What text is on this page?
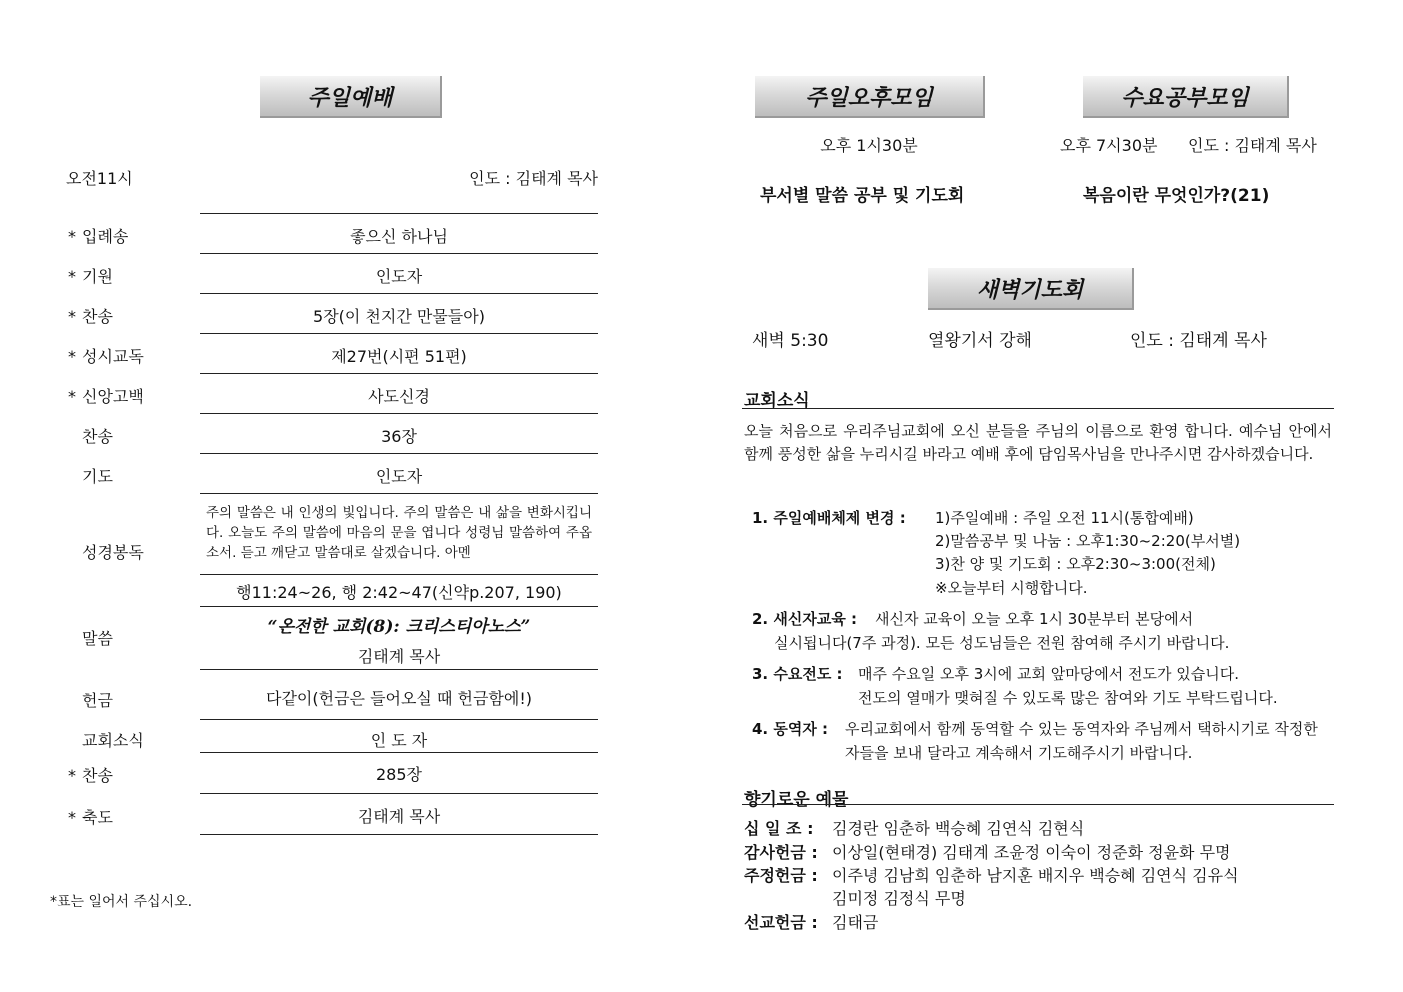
주일예배
오전11시	인도 : 김태계 목사
* 입례송	좋으신 하나님
* 기원	인도자
* 찬송	5장(이 천지간 만물들아)
* 성시교독	제27번(시편 51편)
* 신앙고백	사도신경
찬송	36장
기도	인도자
성경봉독
주의 말씀은 내 인생의 빛입니다. 주의 말씀은 내 삶을 변화시킵니다. 오늘도 주의 말씀에 마음의 문을 엽니다 성령님 말씀하여 주옵소서. 듣고 깨닫고 말씀대로 살겠습니다. 아멘
행11:24~26, 행 2:42~47(신약p.207, 190)
말씀
“온전한 교회(8): 크리스티아노스”
김태계 목사
헌금	다같이(헌금은 들어오실 때 헌금함에!)
교회소식	인 도 자
* 찬송	285장
* 축도	김태계 목사
*표는 일어서 주십시오.
주일오후모임	수요공부모임
오후 1시30분	오후 7시30분 인도 : 김태계 목사
부서별 말씀 공부 및 기도회	복음이란 무엇인가?(21)
새벽기도회
새벽 5:30	열왕기서 강해	인도 : 김태계 목사
교회소식
오늘 처음으로 우리주님교회에 오신 분들을 주님의 이름으로 환영 합니다. 예수님 안에서 함께 풍성한 삶을 누리시길 바라고 예배 후에 담임목사님을 만나주시면 감사하겠습니다.
1. 주일예배체제 변경 : 1)주일예배 : 주일 오전 11시(통합예배)
2)말씀공부 및 나눔 : 오후1:30~2:20(부서별)
3)찬 양 및 기도회 : 오후2:30~3:00(전체)
※오늘부터 시행합니다.
2. 새신자교육 : 새신자 교육이 오늘 오후 1시 30분부터 본당에서
실시됩니다(7주 과정). 모든 성도님들은 전원 참여해 주시기 바랍니다.
3. 수요전도 : 매주 수요일 오후 3시에 교회 앞마당에서 전도가 있습니다.
전도의 열매가 맺혀질 수 있도록 많은 참여와 기도 부탁드립니다.
4. 동역자 : 우리교회에서 함께 동역할 수 있는 동역자와 주님께서 택하시기로 작정한
자들을 보내 달라고 계속해서 기도해주시기 바랍니다.
향기로운 예물
십 일 조 : 김경란 임춘하 백승혜 김연식 김현식
감사헌금 : 이상일(현태경) 김태계 조윤정 이숙이 정준화 정윤화 무명
주정헌금 : 이주녕 김남희 임춘하 남지훈 배지우 백승혜 김연식 김유식
김미정 김정식 무명
선교헌금 : 김태금
